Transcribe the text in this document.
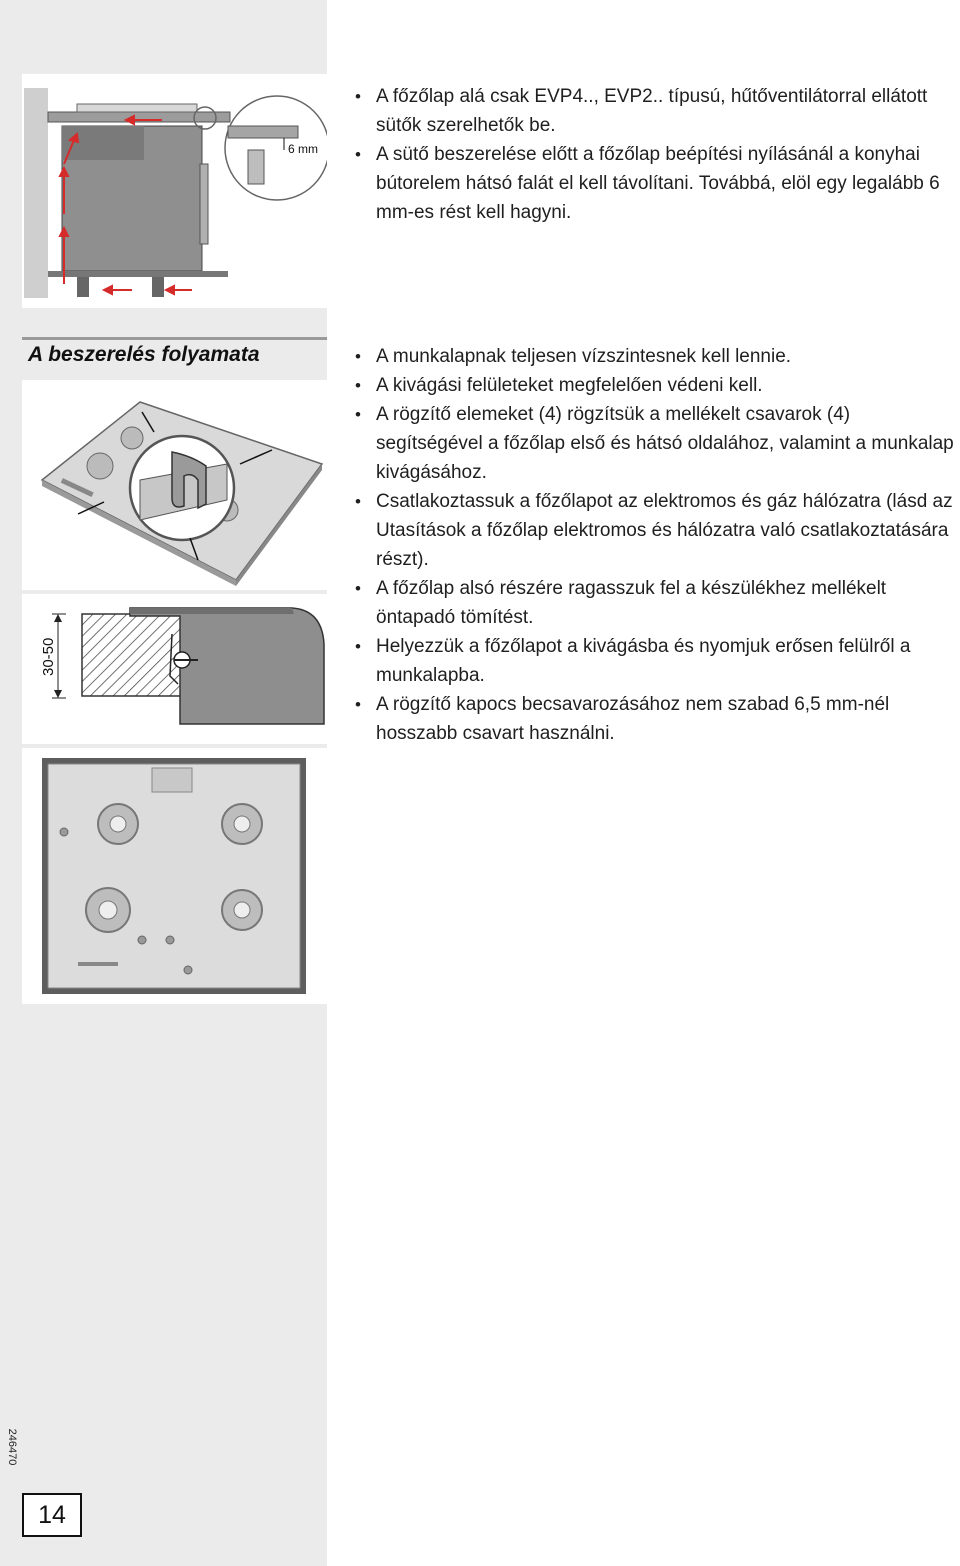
6 mm
A beszerelés folyamata
30-50
• A főzőlap alá csak EVP4.., EVP2.. típusú, hűtőventilátorral ellátott sütők szerelhetők be.
• A sütő beszerelése előtt a főzőlap beépítési nyílásánál a konyhai bútorelem hátsó falát el kell távolítani. Továbbá, elöl egy legalább 6 mm-es rést kell hagyni.
• A munkalapnak teljesen vízszintesnek kell lennie.
• A kivágási felületeket megfelelően védeni kell.
• A rögzítő elemeket (4) rögzítsük a mellékelt csavarok (4) segítségével a főzőlap első és hátsó oldalához, valamint a munkalap kivágásához.
• Csatlakoztassuk a főzőlapot az elektromos és gáz hálózatra (lásd az Utasítások a főzőlap elektromos és hálózatra való csatlakoztatására részt).
• A főzőlap alsó részére ragasszuk fel a készülékhez mellékelt öntapadó tömítést.
• Helyezzük a főzőlapot a kivágásba és nyomjuk erősen felülről a munkalapba.
• A rögzítő kapocs becsavarozásához nem szabad 6,5 mm-nél hosszabb csavart használni.
246470
14
